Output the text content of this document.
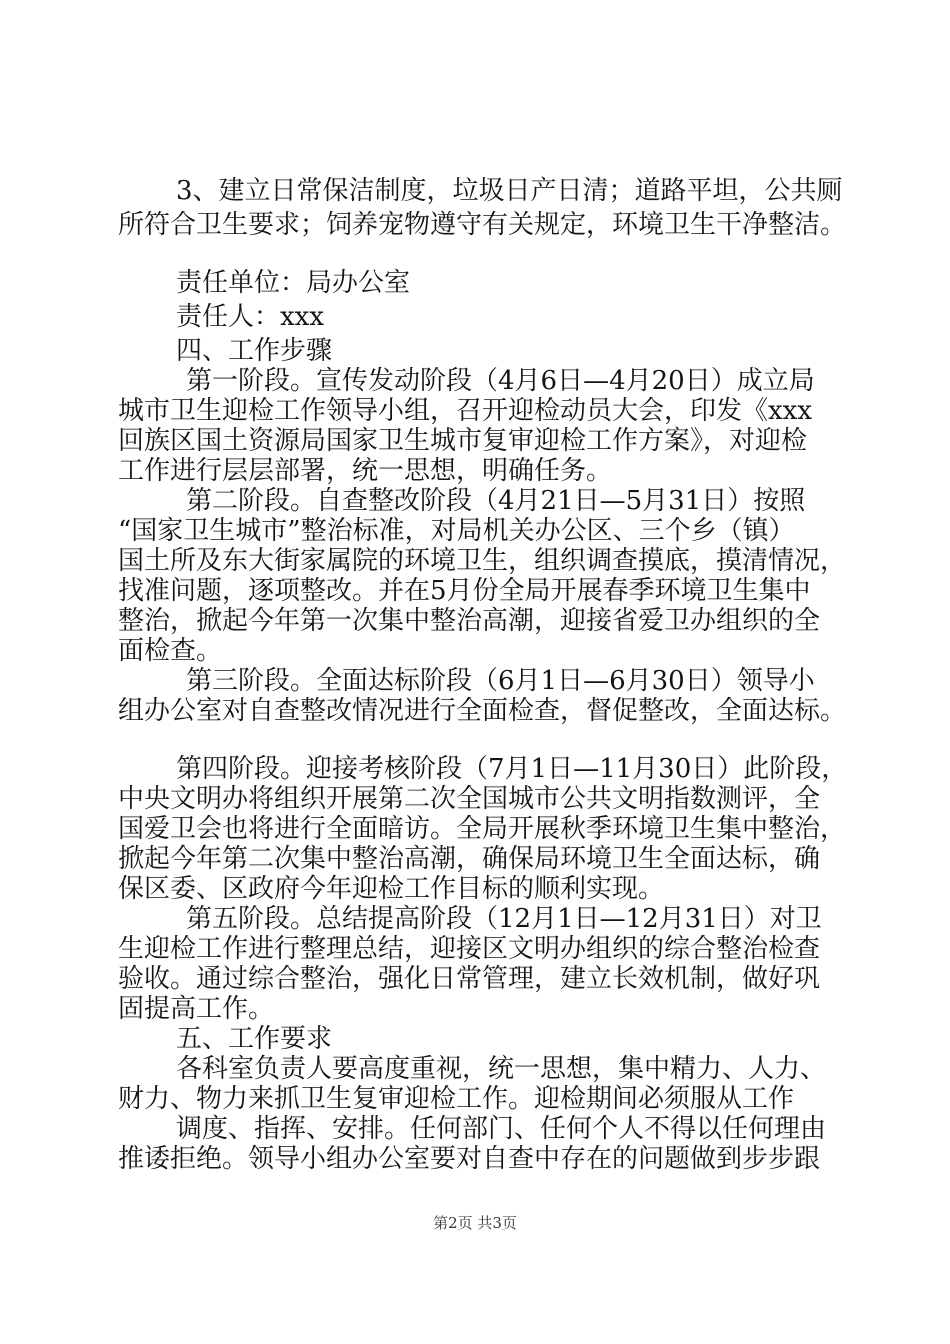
3、建立日常保洁制度，垃圾日产日清；道路平坦，公共厕
所符合卫生要求；饲养宠物遵守有关规定，环境卫生干净整洁。
责任单位：局办公室
责任人：xxx
四、工作步骤
第一阶段。宣传发动阶段（4月6日—4月20日）成立局
城市卫生迎检工作领导小组，召开迎检动员大会，印发《xxx
回族区国土资源局国家卫生城市复审迎检工作方案》，对迎检
工作进行层层部署，统一思想，明确任务。
第二阶段。自查整改阶段（4月21日—5月31日）按照
“国家卫生城市”整治标准，对局机关办公区、三个乡（镇）
国土所及东大街家属院的环境卫生，组织调查摸底，摸清情况，
找准问题，逐项整改。并在5月份全局开展春季环境卫生集中
整治，掀起今年第一次集中整治高潮，迎接省爱卫办组织的全
面检查。
第三阶段。全面达标阶段（6月1日—6月30日）领导小
组办公室对自查整改情况进行全面检查，督促整改，全面达标。
第四阶段。迎接考核阶段（7月1日—11月30日）此阶段，
中央文明办将组织开展第二次全国城市公共文明指数测评，全
国爱卫会也将进行全面暗访。全局开展秋季环境卫生集中整治，
掀起今年第二次集中整治高潮，确保局环境卫生全面达标，确
保区委、区政府今年迎检工作目标的顺利实现。
第五阶段。总结提高阶段（12月1日—12月31日）对卫
生迎检工作进行整理总结，迎接区文明办组织的综合整治检查
验收。通过综合整治，强化日常管理，建立长效机制，做好巩
固提高工作。
五、工作要求
各科室负责人要高度重视，统一思想，集中精力、人力、
财力、物力来抓卫生复审迎检工作。迎检期间必须服从工作
调度、指挥、安排。任何部门、任何个人不得以任何理由
推诿拒绝。领导小组办公室要对自查中存在的问题做到步步跟
第2页 共3页
